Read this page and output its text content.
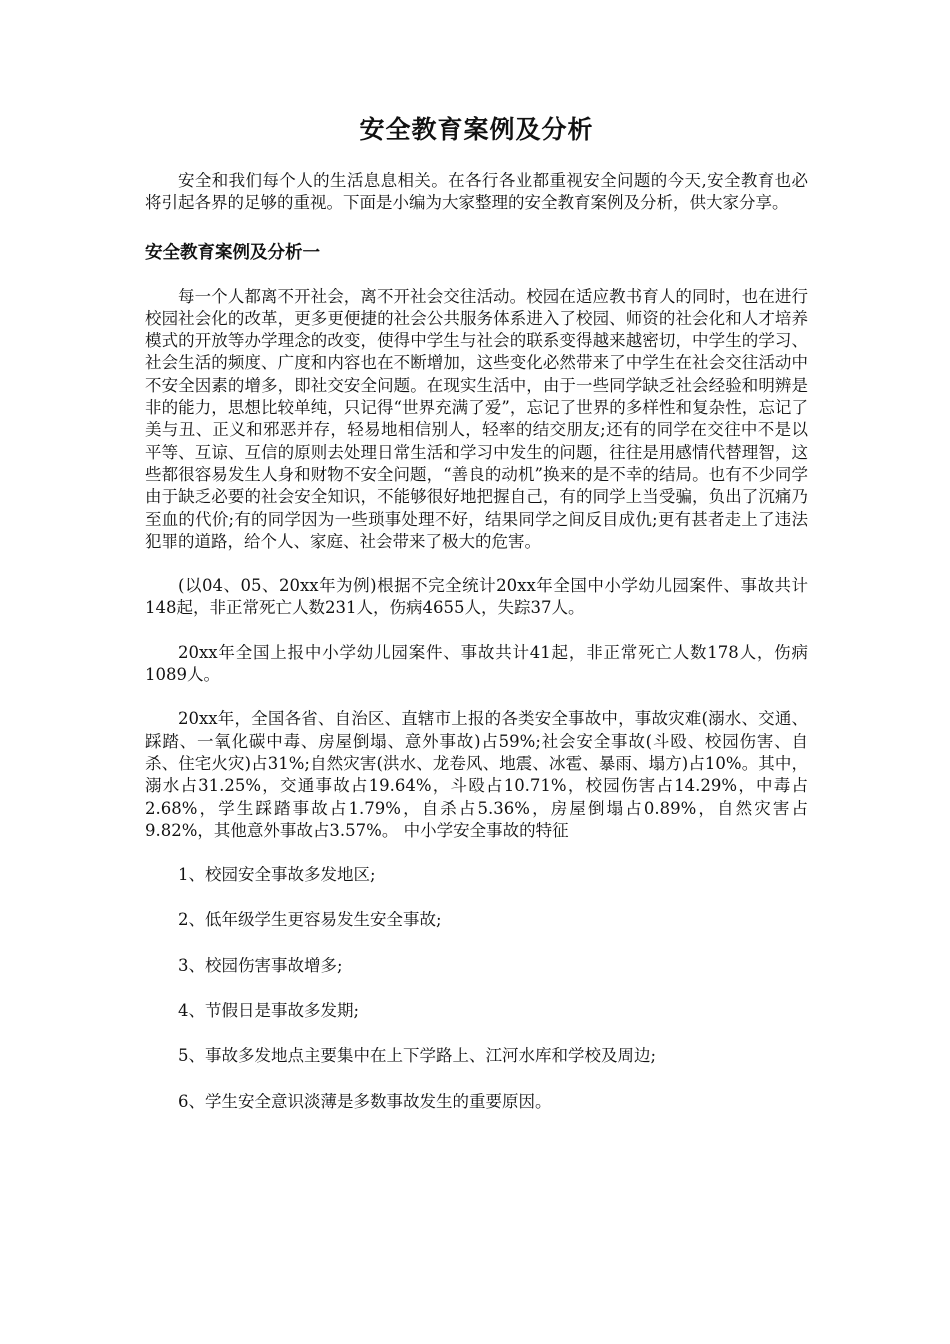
安全教育案例及分析

安全和我们每个人的生活息息相关。在各行各业都重视安全问题的今天,安全教育也必将引起各界的足够的重视。下面是小编为大家整理的安全教育案例及分析，供大家分享。

安全教育案例及分析一

每一个人都离不开社会，离不开社会交往活动。校园在适应教书育人的同时，也在进行校园社会化的改革，更多更便捷的社会公共服务体系进入了校园、师资的社会化和人才培养模式的开放等办学理念的改变，使得中学生与社会的联系变得越来越密切，中学生的学习、社会生活的频度、广度和内容也在不断增加，这些变化必然带来了中学生在社会交往活动中不安全因素的增多，即社交安全问题。在现实生活中，由于一些同学缺乏社会经验和明辨是非的能力，思想比较单纯，只记得“世界充满了爱”，忘记了世界的多样性和复杂性，忘记了美与丑、正义和邪恶并存，轻易地相信别人，轻率的结交朋友;还有的同学在交往中不是以平等、互谅、互信的原则去处理日常生活和学习中发生的问题，往往是用感情代替理智，这些都很容易发生人身和财物不安全问题，“善良的动机”换来的是不幸的结局。也有不少同学由于缺乏必要的社会安全知识，不能够很好地把握自己，有的同学上当受骗，负出了沉痛乃至血的代价;有的同学因为一些琐事处理不好，结果同学之间反目成仇;更有甚者走上了违法犯罪的道路，给个人、家庭、社会带来了极大的危害。

(以04、05、20xx年为例)根据不完全统计20xx年全国中小学幼儿园案件、事故共计148起，非正常死亡人数231人，伤病4655人，失踪37人。

20xx年全国上报中小学幼儿园案件、事故共计41起，非正常死亡人数178人，伤病1089人。

20xx年，全国各省、自治区、直辖市上报的各类安全事故中，事故灾难(溺水、交通、踩踏、一氧化碳中毒、房屋倒塌、意外事故)占59%;社会安全事故(斗殴、校园伤害、自杀、住宅火灾)占31%;自然灾害(洪水、龙卷风、地震、冰雹、暴雨、塌方)占10%。其中，溺水占31.25%，交通事故占19.64%，斗殴占10.71%，校园伤害占14.29%，中毒占2.68%，学生踩踏事故占1.79%，自杀占5.36%，房屋倒塌占0.89%，自然灾害占9.82%，其他意外事故占3.57%。 中小学安全事故的特征

1、校园安全事故多发地区;

2、低年级学生更容易发生安全事故;

3、校园伤害事故增多;

4、节假日是事故多发期;

5、事故多发地点主要集中在上下学路上、江河水库和学校及周边;

6、学生安全意识淡薄是多数事故发生的重要原因。
